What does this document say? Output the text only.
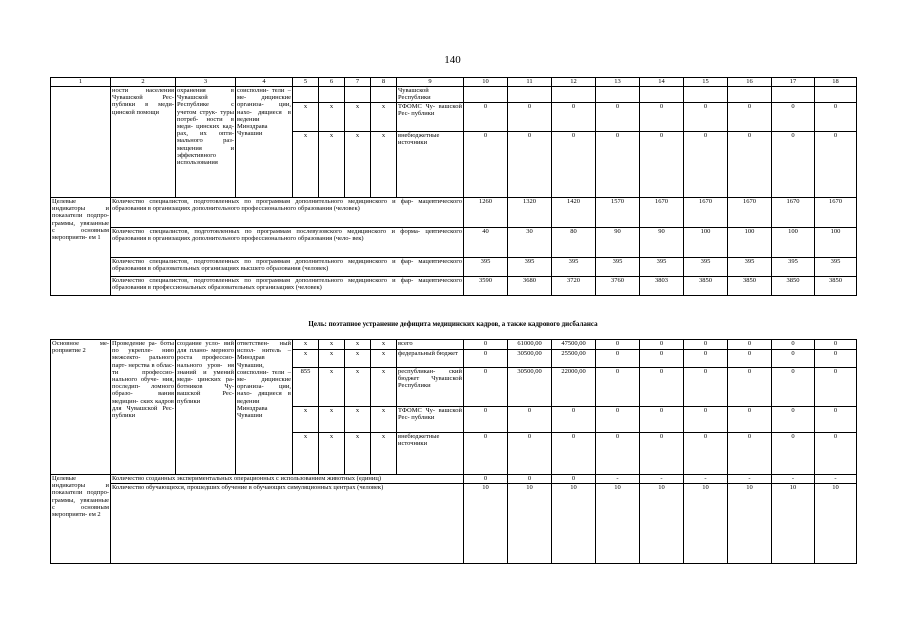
140
1	2	3	4	5	6	7	8	9	10	11	12	13	14	15	16	17	18
	ности населения Чувашской Рес- публики в меди- цинской помощи	охранения в Чувашской Республике с учетом струк- туры потреб- ности в меди- цинских кад- рах, их опти- мального раз- мещения и эффективного использования	соисполни- тели – ме- дицинские организа- ции, нахо- дящиеся в ведении Минздрава Чувашии					Чувашской Республики									
				x	x	x	x	ТФОМС Чу- вашской Рес- публики	0	0	0	0	0	0	0	0	0
				x	x	x	x	внебюджетные источники	0	0	0	0	0	0	0	0	0
Целевые индикаторы и показатели подпро- граммы, увязанные с основным мероприяти- ем 1	Количество специалистов, подготовленных по программам дополнительного медицинского и фар- мацевтического образования в организациях дополнительного профессионального образования (человек)								1260	1320	1420	1570	1670	1670	1670	1670	1670
	Количество специалистов, подготовленных по программам послевузовского медицинского и форма- цевтического образования в организациях дополнительного профессионального образования (чело- век)								40	30	80	90	90	100	100	100	100
	Количество специалистов, подготовленных по программам дополнительного медицинского и фар- мацевтического образования в образовательных организациях высшего образования (человек)								395	395	395	395	395	395	395	395	395
	Количество специалистов, подготовленных по программам дополнительного медицинского и фар- мацевтического образования в профессиональных образовательных организациях (человек)								3590	3680	3720	3760	3803	3850	3850	3850	3850
Цель: поэтапное устранение дефицита медицинских кадров, а также кадрового дисбаланса
Основное ме- роприятие 2	Проведение ра- боты по укрепле- нию межсекто- рального парт- нерства в облас- ти профессио- нального обуче- ния, последип- ломного образо- вания медицин- ских кадров для Чувашской Рес- публики	создание усло- вий для плано- мерного роста профессио- нального уров- ня знаний и умений меди- цинских ра- ботников Чу- вашской Рес- публики	ответствен- ный испол- нитель – Минздрав Чувашии, соисполни- тели – ме- дицинские организа- ции, нахо- дящиеся в ведении Минздрава Чувашии	x	x	x	x	всего	0	61000,00	47500,00	0	0	0	0	0	0
				x	x	x	x	федеральный бюджет	0	30500,00	25500,00	0	0	0	0	0	0
				855	x	x	x	республикан- ский бюджет Чувашской Республики	0	30500,00	22000,00	0	0	0	0	0	0
				x	x	x	x	ТФОМС Чу- вашской Рес- публики	0	0	0	0	0	0	0	0	0
				x	x	x	x	внебюджетные источники	0	0	0	0	0	0	0	0	0
Целевые индикаторы и показатели подпро- граммы, увязанные с основным мероприяти- ем 2	Количество созданных экспериментальных операционных с использованием животных (единиц)								0	0	0	-	-	-	-	-	-
	Количество обучающихся, прошедших обучение в обучающих симуляционных центрах (человек)								10	10	10	10	10	10	10	10	10
